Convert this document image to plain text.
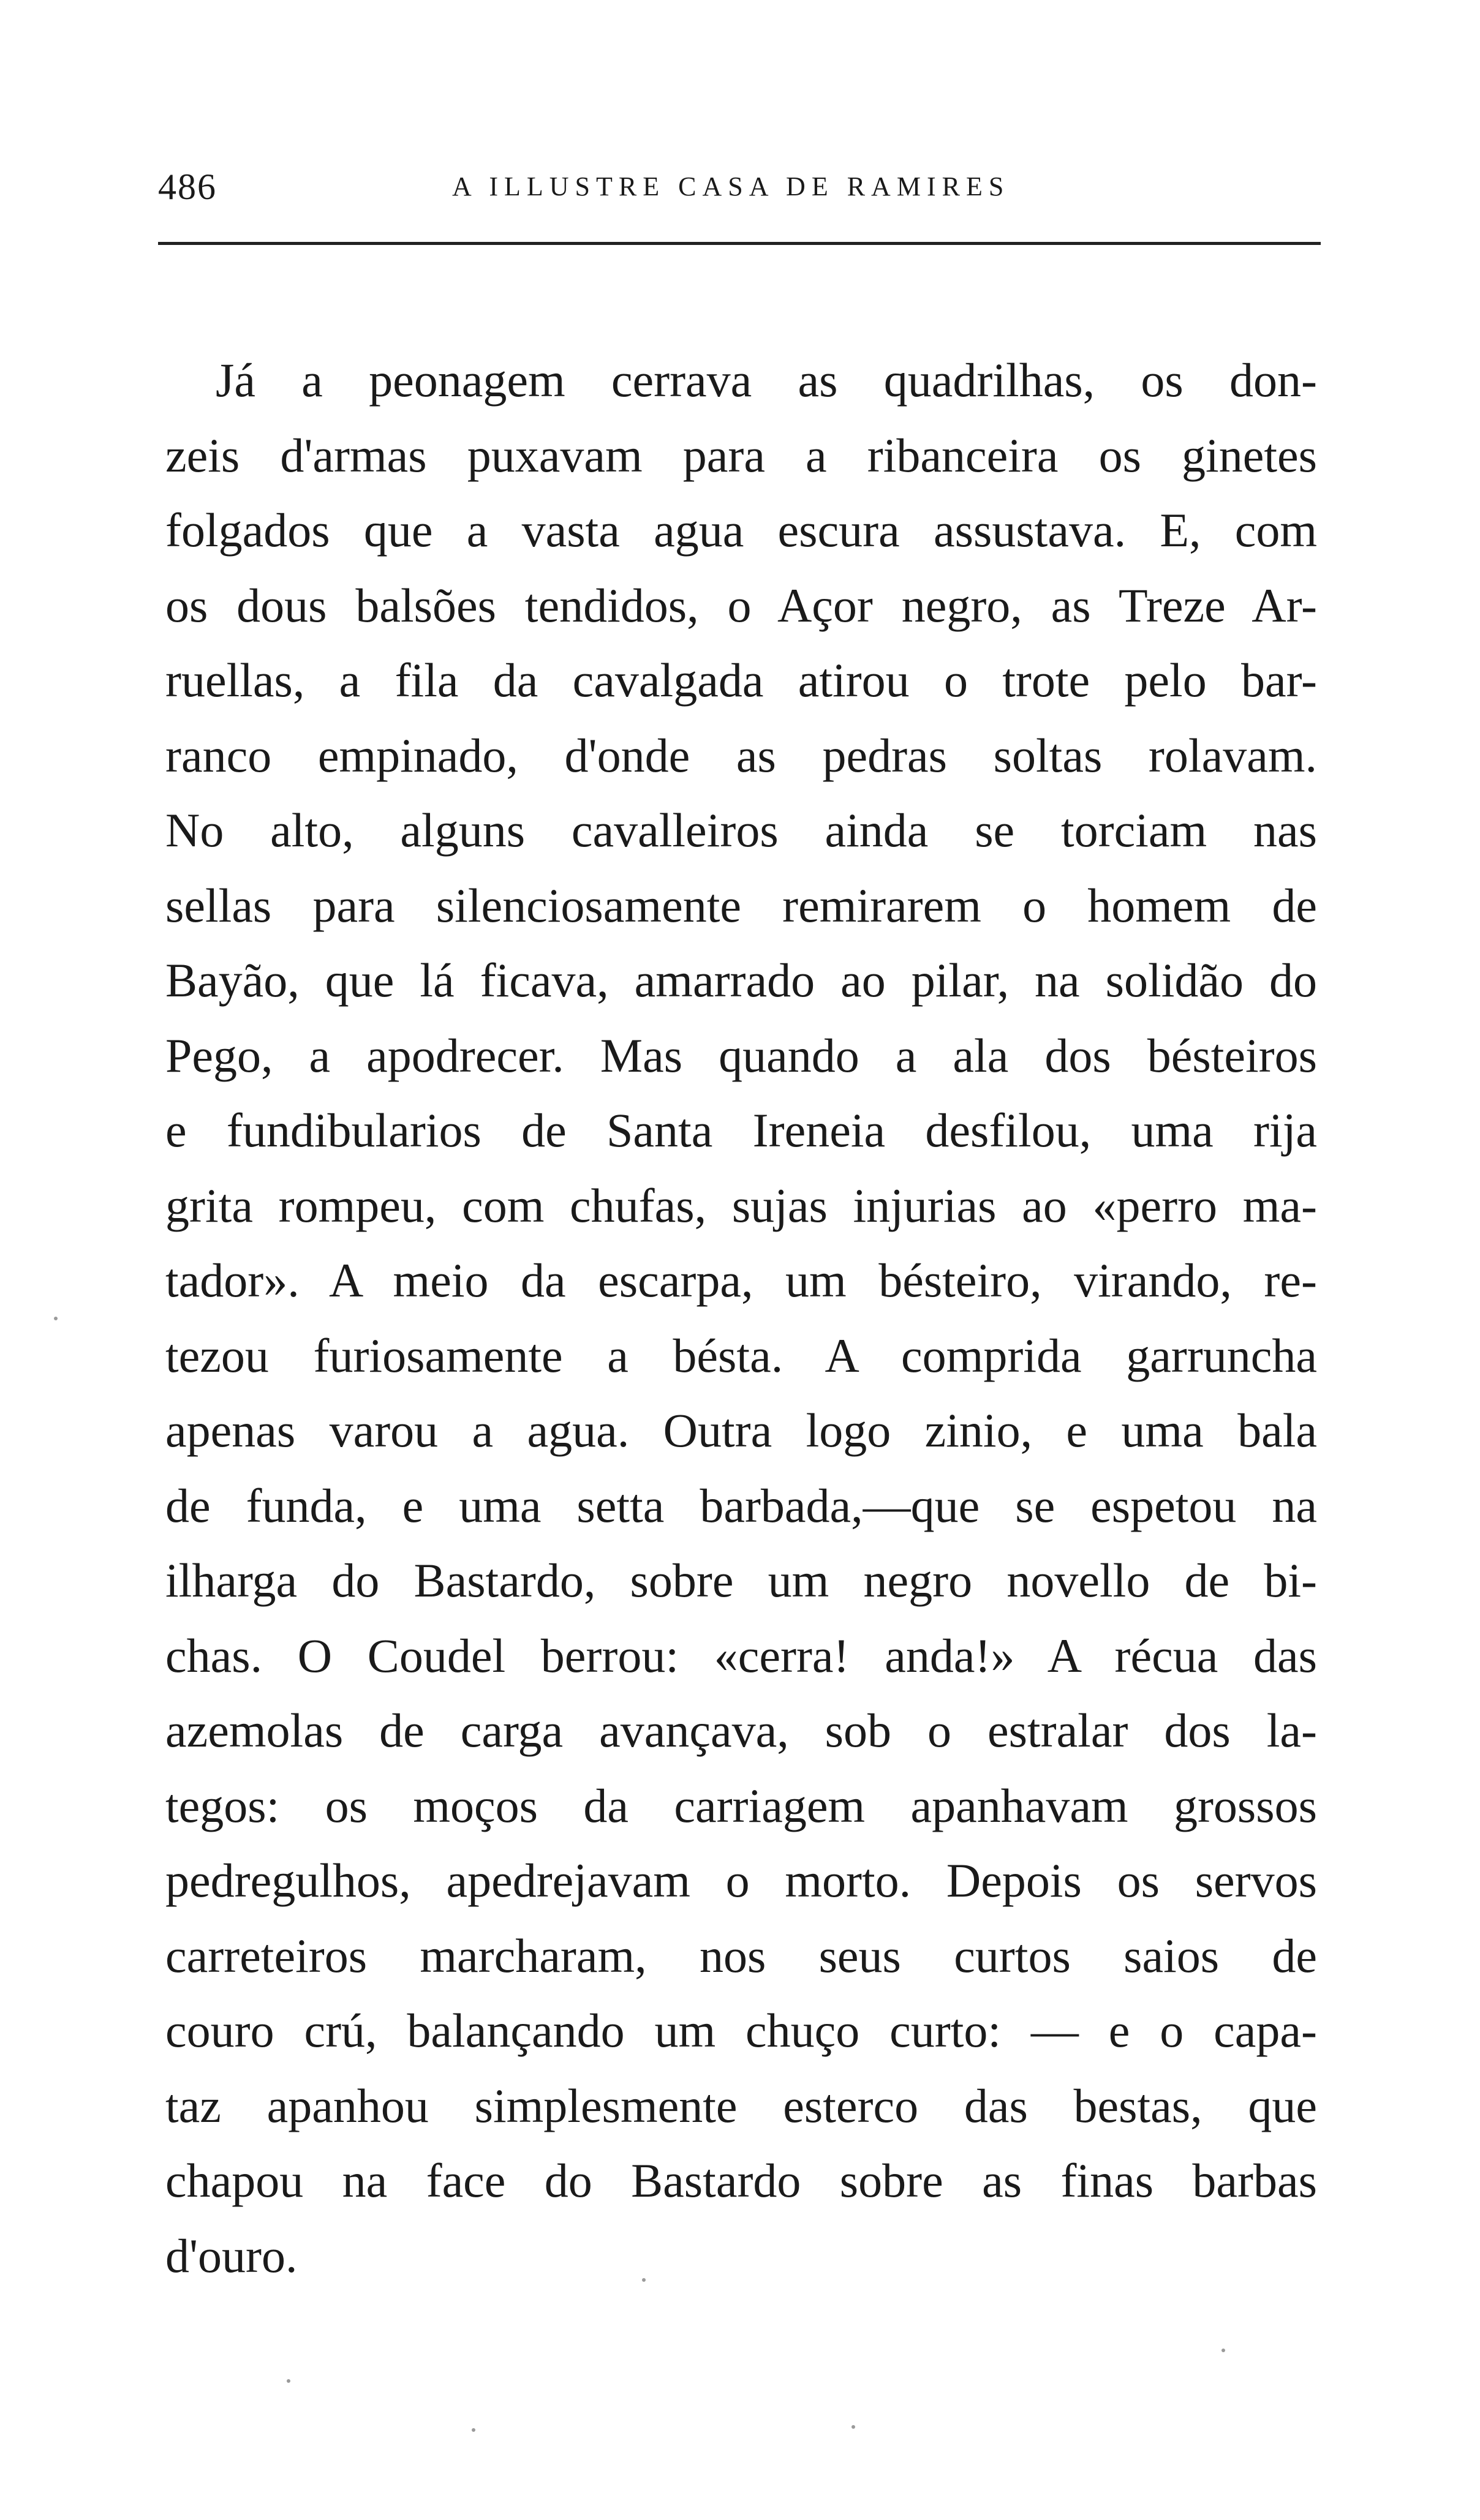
486	A ILLUSTRE CASA DE RAMIRES

Já a peonagem cerrava as quadrilhas, os don-
zeis d'armas puxavam para a ribanceira os ginetes
folgados que a vasta agua escura assustava. E, com
os dous balsões tendidos, o Açor negro, as Treze Ar-
ruellas, a fila da cavalgada atirou o trote pelo bar-
ranco empinado, d'onde as pedras soltas rolavam.
No alto, alguns cavalleiros ainda se torciam nas
sellas para silenciosamente remirarem o homem de
Bayão, que lá ficava, amarrado ao pilar, na solidão do
Pego, a apodrecer. Mas quando a ala dos bésteiros
e fundibularios de Santa Ireneia desfilou, uma rija
grita rompeu, com chufas, sujas injurias ao «perro ma-
tador». A meio da escarpa, um bésteiro, virando, re-
tezou furiosamente a bésta. A comprida garruncha
apenas varou a agua. Outra logo zinio, e uma bala
de funda, e uma setta barbada,—que se espetou na
ilharga do Bastardo, sobre um negro novello de bi-
chas. O Coudel berrou: «cerra! anda!» A récua das
azemolas de carga avançava, sob o estralar dos la-
tegos: os moços da carriagem apanhavam grossos
pedregulhos, apedrejavam o morto. Depois os servos
carreteiros marcharam, nos seus curtos saios de
couro crú, balançando um chuço curto: — e o capa-
taz apanhou simplesmente esterco das bestas, que
chapou na face do Bastardo sobre as finas barbas
d'ouro.
